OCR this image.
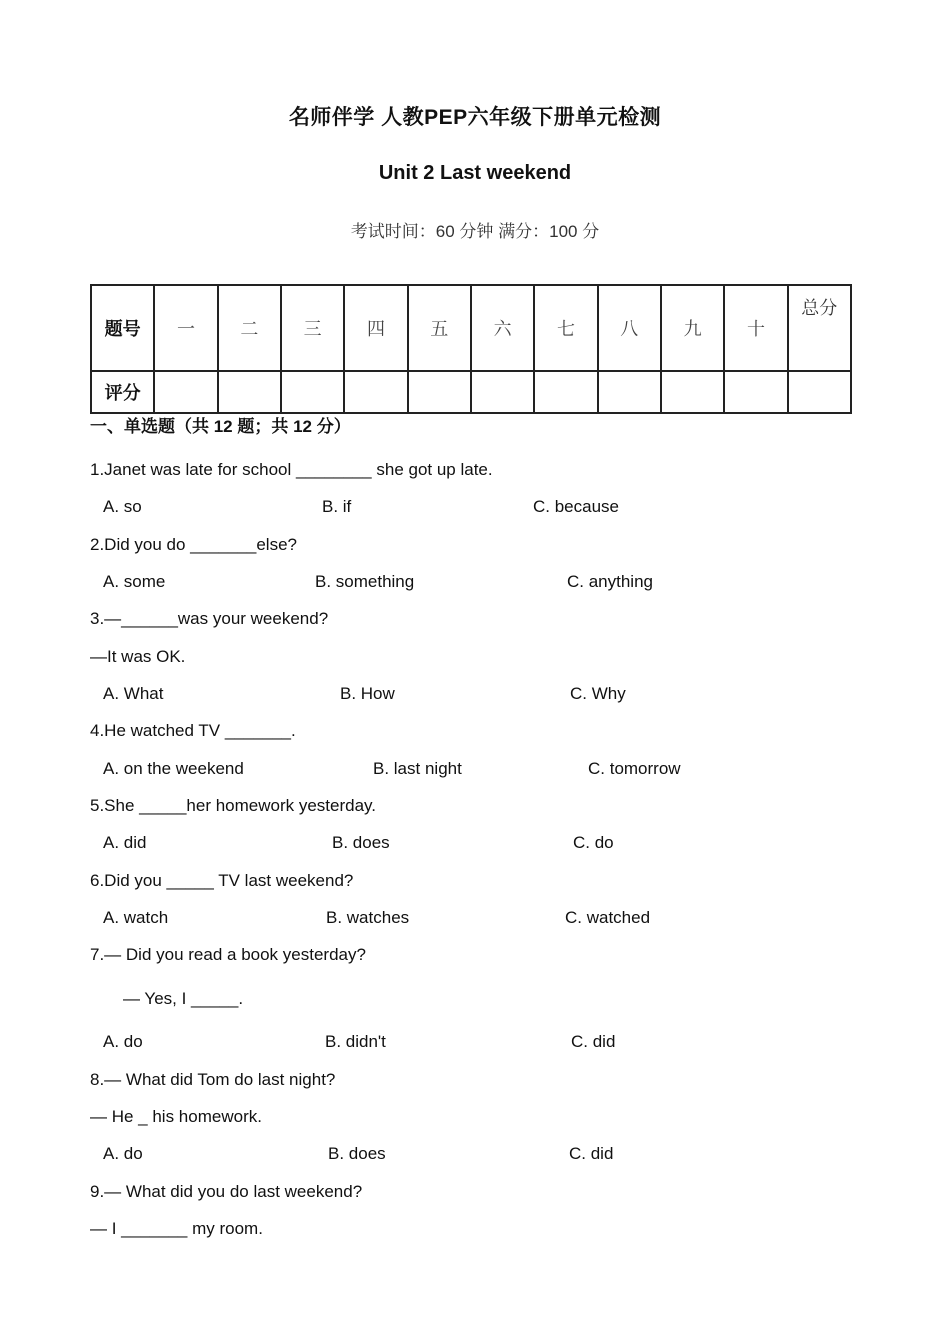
名师伴学 人教PEP六年级下册单元检测
Unit 2 Last weekend
考试时间：60 分钟 满分：100 分
题号	一	二	三	四	五	六	七	八	九	十	总分
评分											
一、单选题（共 12 题；共 12 分）
1.Janet was late for school ________ she got up late.
A. so	B. if	C. because
2.Did you do _______else?
A. some	B. something	C. anything
3.—______was your weekend?
—It was OK.
A. What	B. How	C. Why
4.He watched TV _______.
A. on the weekend	B. last night	C. tomorrow
5.She _____her homework yesterday.
A. did	B. does	C. do
6.Did you _____ TV last weekend?
A. watch	B. watches	C. watched
7.— Did you read a book yesterday?
— Yes, I _____.
A. do	B. didn't	C. did
8.— What did Tom do last night?
— He _ his homework.
A. do	B. does	C. did
9.— What did you do last weekend?
— I _______ my room.
